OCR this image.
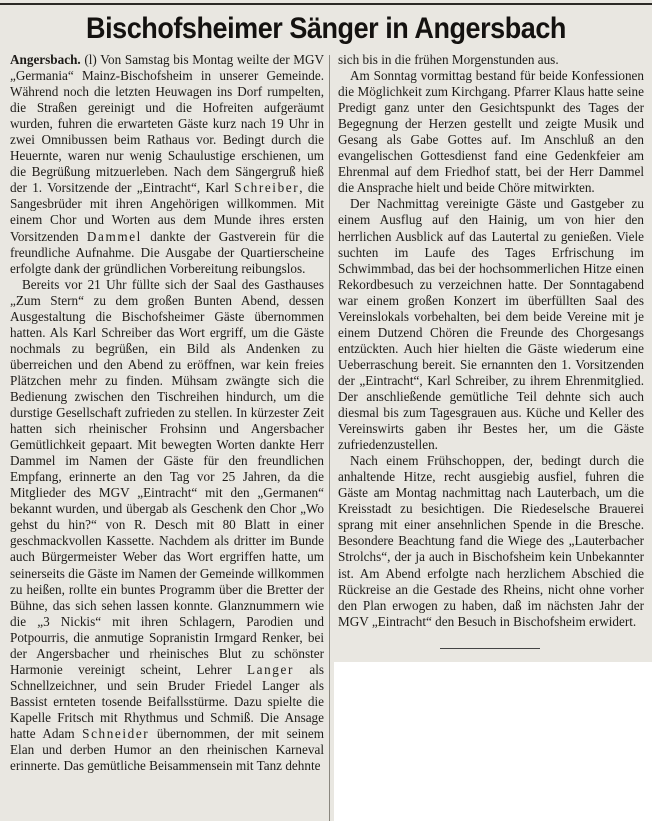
Bischofsheimer Sänger in Angersbach

Angersbach. (l) Von Samstag bis Montag weilte der MGV „Germania“ Mainz-Bischofsheim in unserer Gemeinde. Während noch die letzten Heuwagen ins Dorf rumpelten, die Straßen gereinigt und die Hofreiten aufgeräumt wurden, fuhren die erwarteten Gäste kurz nach 19 Uhr in zwei Omnibussen beim Rathaus vor. Bedingt durch die Heuernte, waren nur wenig Schaulustige erschienen, um die Begrüßung mitzuerleben. Nach dem Sängergruß hieß der 1. Vorsitzende der „Eintracht“, Karl Schreiber, die Sangesbrüder mit ihren Angehörigen willkommen. Mit einem Chor und Worten aus dem Munde ihres ersten Vorsitzenden Dammel dankte der Gastverein für die freundliche Aufnahme. Die Ausgabe der Quartierscheine erfolgte dank der gründlichen Vorbereitung reibungslos.

Bereits vor 21 Uhr füllte sich der Saal des Gasthauses „Zum Stern“ zu dem großen Bunten Abend, dessen Ausgestaltung die Bischofsheimer Gäste übernommen hatten. Als Karl Schreiber das Wort ergriff, um die Gäste nochmals zu begrüßen, ein Bild als Andenken zu überreichen und den Abend zu eröffnen, war kein freies Plätzchen mehr zu finden. Mühsam zwängte sich die Bedienung zwischen den Tischreihen hindurch, um die durstige Gesellschaft zufrieden zu stellen. In kürzester Zeit hatten sich rheinischer Frohsinn und Angersbacher Gemütlichkeit gepaart. Mit bewegten Worten dankte Herr Dammel im Namen der Gäste für den freundlichen Empfang, erinnerte an den Tag vor 25 Jahren, da die Mitglieder des MGV „Eintracht“ mit den „Germanen“ bekannt wurden, und übergab als Geschenk den Chor „Wo gehst du hin?“ von R. Desch mit 80 Blatt in einer geschmackvollen Kassette. Nachdem als dritter im Bunde auch Bürgermeister Weber das Wort ergriffen hatte, um seinerseits die Gäste im Namen der Gemeinde willkommen zu heißen, rollte ein buntes Programm über die Bretter der Bühne, das sich sehen lassen konnte. Glanznummern wie die „3 Nickis“ mit ihren Schlagern, Parodien und Potpourris, die anmutige Sopranistin Irmgard Renker, bei der Angersbacher und rheinisches Blut zu schönster Harmonie vereinigt scheint, Lehrer Langer als Schnellzeichner, und sein Bruder Friedel Langer als Bassist ernteten tosende Beifallsstürme. Dazu spielte die Kapelle Fritsch mit Rhythmus und Schmiß. Die Ansage hatte Adam Schneider übernommen, der mit seinem Elan und derben Humor an den rheinischen Karneval erinnerte. Das gemütliche Beisammensein mit Tanz dehnte

sich bis in die frühen Morgenstunden aus.

Am Sonntag vormittag bestand für beide Konfessionen die Möglichkeit zum Kirchgang. Pfarrer Klaus hatte seine Predigt ganz unter den Gesichtspunkt des Tages der Begegnung der Herzen gestellt und zeigte Musik und Gesang als Gabe Gottes auf. Im Anschluß an den evangelischen Gottesdienst fand eine Gedenkfeier am Ehrenmal auf dem Friedhof statt, bei der Herr Dammel die Ansprache hielt und beide Chöre mitwirkten.

Der Nachmittag vereinigte Gäste und Gastgeber zu einem Ausflug auf den Hainig, um von hier den herrlichen Ausblick auf das Lautertal zu genießen. Viele suchten im Laufe des Tages Erfrischung im Schwimmbad, das bei der hochsommerlichen Hitze einen Rekordbesuch zu verzeichnen hatte. Der Sonntagabend war einem großen Konzert im überfüllten Saal des Vereinslokals vorbehalten, bei dem beide Vereine mit je einem Dutzend Chören die Freunde des Chorgesangs entzückten. Auch hier hielten die Gäste wiederum eine Ueberraschung bereit. Sie ernannten den 1. Vorsitzenden der „Eintracht“, Karl Schreiber, zu ihrem Ehrenmitglied. Der anschließende gemütliche Teil dehnte sich auch diesmal bis zum Tagesgrauen aus. Küche und Keller des Vereinswirts gaben ihr Bestes her, um die Gäste zufriedenzustellen.

Nach einem Frühschoppen, der, bedingt durch die anhaltende Hitze, recht ausgiebig ausfiel, fuhren die Gäste am Montag nachmittag nach Lauterbach, um die Kreisstadt zu besichtigen. Die Riedeselsche Brauerei sprang mit einer ansehnlichen Spende in die Bresche. Besondere Beachtung fand die Wiege des „Lauterbacher Strolchs“, der ja auch in Bischofsheim kein Unbekannter ist. Am Abend erfolgte nach herzlichem Abschied die Rückreise an die Gestade des Rheins, nicht ohne vorher den Plan erwogen zu haben, daß im nächsten Jahr der MGV „Eintracht“ den Besuch in Bischofsheim erwidert.
